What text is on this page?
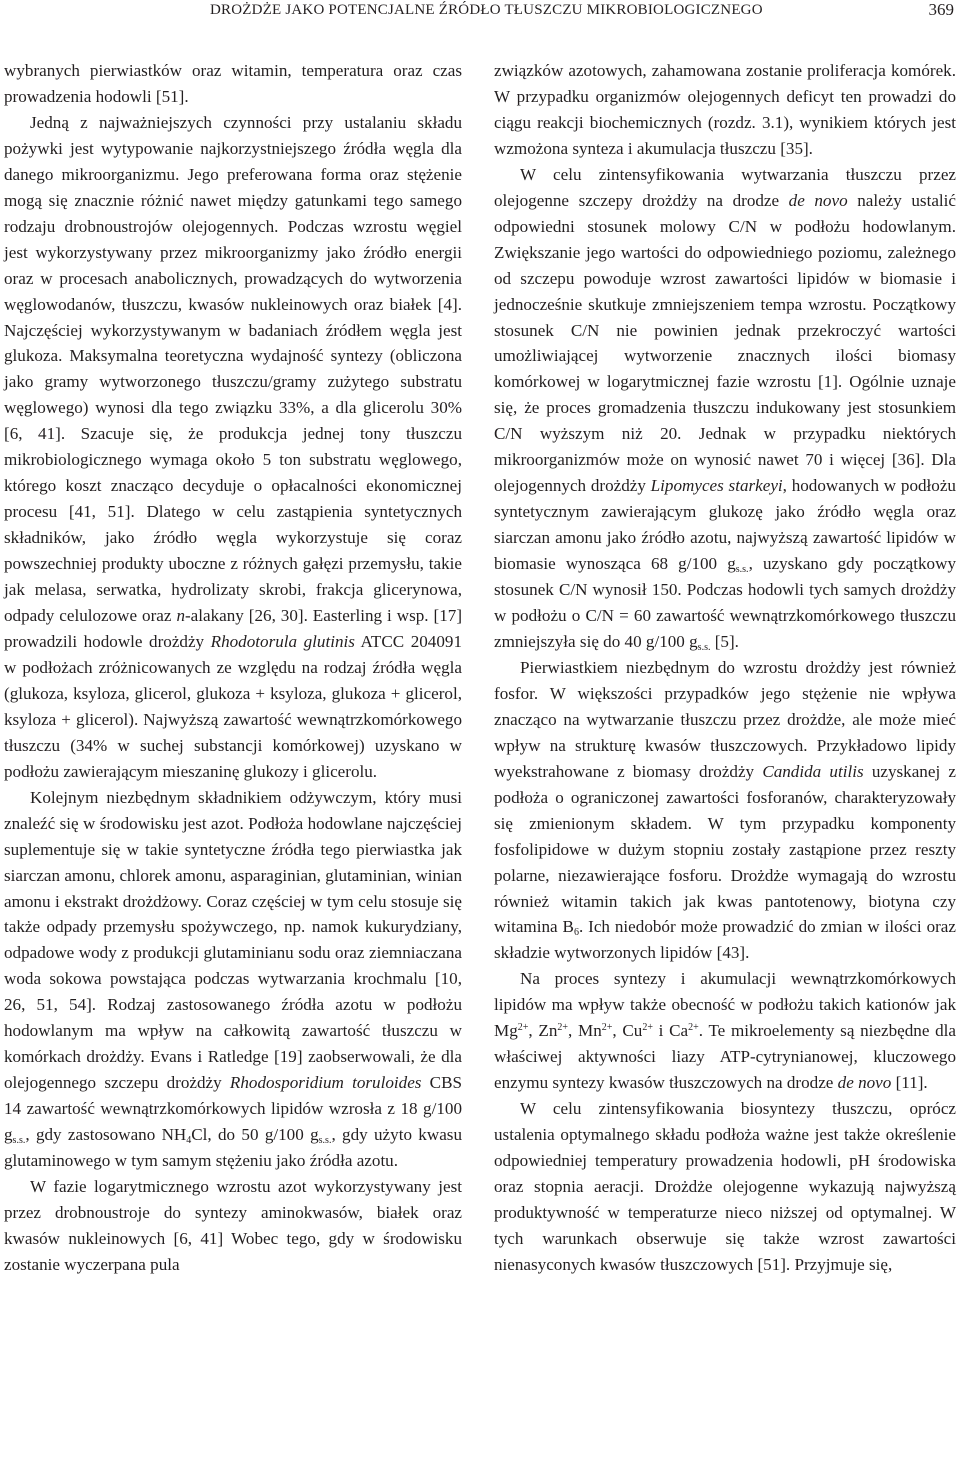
DROŻDŻE JAKO POTENCJALNE ŹRÓDŁO TŁUSZCZU MIKROBIOLOGICZNEGO	369

wybranych pierwiastków oraz witamin, temperatura oraz czas prowadzenia hodowli [51].

Jedną z najważniejszych czynności przy ustalaniu składu pożywki jest wytypowanie najkorzystniejszego źródła węgla dla danego mikroorganizmu. Jego preferowana forma oraz stężenie mogą się znacznie różnić nawet między gatunkami tego samego rodzaju drobnoustrojów olejogennych. Podczas wzrostu węgiel jest wykorzystywany przez mikroorganizmy jako źródło energii oraz w procesach anabolicznych, prowadzących do wytworzenia węglowodanów, tłuszczu, kwasów nukleinowych oraz białek [4]. Najczęściej wykorzystywanym w badaniach źródłem węgla jest glukoza. Maksymalna teoretyczna wydajność syntezy (obliczona jako gramy wytworzonego tłuszczu/gramy zużytego substratu węglowego) wynosi dla tego związku 33%, a dla glicerolu 30% [6, 41]. Szacuje się, że produkcja jednej tony tłuszczu mikrobiologicznego wymaga około 5 ton substratu węglowego, którego koszt znacząco decyduje o opłacalności ekonomicznej procesu [41, 51]. Dlatego w celu zastąpienia syntetycznych składników, jako źródło węgla wykorzystuje się coraz powszechniej produkty uboczne z różnych gałęzi przemysłu, takie jak melasa, serwatka, hydrolizaty skrobi, frakcja glicerynowa, odpady celulozowe oraz n-alakany [26, 30]. Easterling i wsp. [17] prowadzili hodowle drożdży Rhodotorula glutinis ATCC 204091 w podłożach zróżnicowanych ze względu na rodzaj źródła węgla (glukoza, ksyloza, glicerol, glukoza + ksyloza, glukoza + glicerol, ksyloza + glicerol). Najwyższą zawartość wewnątrzkomórkowego tłuszczu (34% w suchej substancji komórkowej) uzyskano w podłożu zawierającym mieszaninę glukozy i glicerolu.

Kolejnym niezbędnym składnikiem odżywczym, który musi znaleźć się w środowisku jest azot. Podłoża hodowlane najczęściej suplementuje się w takie syntetyczne źródła tego pierwiastka jak siarczan amonu, chlorek amonu, asparaginian, glutaminian, winian amonu i ekstrakt drożdżowy. Coraz częściej w tym celu stosuje się także odpady przemysłu spożywczego, np. namok kukurydziany, odpadowe wody z produkcji glutaminianu sodu oraz ziemniaczana woda sokowa powstająca podczas wytwarzania krochmalu [10, 26, 51, 54]. Rodzaj zastosowanego źródła azotu w podłożu hodowlanym ma wpływ na całkowitą zawartość tłuszczu w komórkach drożdży. Evans i Ratledge [19] zaobserwowali, że dla olejogennego szczepu drożdży Rhodosporidium toruloides CBS 14 zawartość wewnątrzkomórkowych lipidów wzrosła z 18 g/100 $g_{s.s.}$, gdy zastosowano $NH_4Cl$, do 50 g/100 $g_{s.s.}$, gdy użyto kwasu glutaminowego w tym samym stężeniu jako źródła azotu.

W fazie logarytmicznego wzrostu azot wykorzystywany jest przez drobnoustroje do syntezy aminokwasów, białek oraz kwasów nukleinowych [6, 41] Wobec tego, gdy w środowisku zostanie wyczerpana pula

związków azotowych, zahamowana zostanie proliferacja komórek. W przypadku organizmów olejogennych deficyt ten prowadzi do ciągu reakcji biochemicznych (rozdz. 3.1), wynikiem których jest wzmożona synteza i akumulacja tłuszczu [35].

W celu zintensyfikowania wytwarzania tłuszczu przez olejogenne szczepy drożdży na drodze de novo należy ustalić odpowiedni stosunek molowy C/N w podłożu hodowlanym. Zwiększanie jego wartości do odpowiedniego poziomu, zależnego od szczepu powoduje wzrost zawartości lipidów w biomasie i jednocześnie skutkuje zmniejszeniem tempa wzrostu. Początkowy stosunek C/N nie powinien jednak przekroczyć wartości umożliwiającej wytworzenie znacznych ilości biomasy komórkowej w logarytmicznej fazie wzrostu [1]. Ogólnie uznaje się, że proces gromadzenia tłuszczu indukowany jest stosunkiem C/N wyższym niż 20. Jednak w przypadku niektórych mikroorganizmów może on wynosić nawet 70 i więcej [36]. Dla olejogennych drożdży Lipomyces starkeyi, hodowanych w podłożu syntetycznym zawierającym glukozę jako źródło węgla oraz siarczan amonu jako źródło azotu, najwyższą zawartość lipidów w biomasie wynosząca 68 g/100 $g_{s.s.}$, uzyskano gdy początkowy stosunek C/N wynosił 150. Podczas hodowli tych samych drożdży w podłożu o C/N = 60 zawartość wewnątrzkomórkowego tłuszczu zmniejszyła się do 40 g/100 $g_{s.s.}$ [5].

Pierwiastkiem niezbędnym do wzrostu drożdży jest również fosfor. W większości przypadków jego stężenie nie wpływa znacząco na wytwarzanie tłuszczu przez drożdże, ale może mieć wpływ na strukturę kwasów tłuszczowych. Przykładowo lipidy wyekstrahowane z biomasy drożdży Candida utilis uzyskanej z podłoża o ograniczonej zawartości fosforanów, charakteryzowały się zmienionym składem. W tym przypadku komponenty fosfolipidowe w dużym stopniu zostały zastąpione przez reszty polarne, niezawierające fosforu. Drożdże wymagają do wzrostu również witamin takich jak kwas pantotenowy, biotyna czy witamina $B_6$. Ich niedobór może prowadzić do zmian w ilości oraz składzie wytworzonych lipidów [43].

Na proces syntezy i akumulacji wewnątrzkomórkowych lipidów ma wpływ także obecność w podłożu takich kationów jak $Mg^{2+}$, $Zn^{2+}$, $Mn^{2+}$, $Cu^{2+}$ i $Ca^{2+}$. Te mikroelementy są niezbędne dla właściwej aktywności liazy ATP-cytrynianowej, kluczowego enzymu syntezy kwasów tłuszczowych na drodze de novo [11].

W celu zintensyfikowania biosyntezy tłuszczu, oprócz ustalenia optymalnego składu podłoża ważne jest także określenie odpowiedniej temperatury prowadzenia hodowli, pH środowiska oraz stopnia aeracji. Drożdże olejogenne wykazują najwyższą produktywność w temperaturze nieco niższej od optymalnej. W tych warunkach obserwuje się także wzrost zawartości nienasyconych kwasów tłuszczowych [51]. Przyjmuje się,
